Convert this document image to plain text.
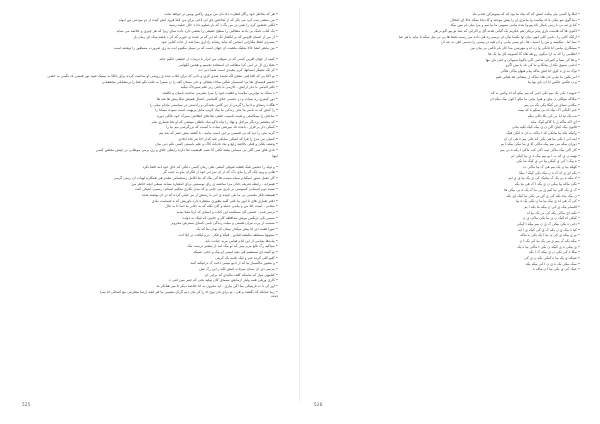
• هر که بخاطر خود راکل فطرت داد نان من بروی راکس ویس تر خواهد بخت

• من منشی نیت کرد می نکر که از شاخص بای لی لاخی برای من کجا فرود ایش کیده از دو مودعی من ابوله

• لکلی ششین کرد را یعنی در می بگ د که بار سلوم داد د حال خیلیه رسید

• یک کتاب نامک بی بادند مطالبی را سطح حقیقی را بعضی دارد داده نمای زیرا که هر چیزی و خلاصه می نماید

• از من از انسان قاوس که بر لکشار تک که ابر که تر شده ی خورم که کر د بلشد سک ای زمان بل

• مسرتی لفظ مکارانی اساس که نیاید رشانه راداری بمنا شد از جات کتابی خود

• من مانقر ابشا خالا مثلیک ماهیت آن جهان است که بر سبیل مکتوم ابت به ری ضرورت مسطور را نوشته است

• کتیبه از جهان آفرین کسی که در سوقی من ابزار با تربیات از حقیقی حکیم خانه

• نقیلا زی آل در آمی کرا مطالب ان اسنفاده تحمیم و هیانین لکهامی

• کر تک مشکر انسانها، کرم مفیدی است شما دنی ات

• بو آکتا پی که آفتا قبی بشای لک تحیده صدی کزی و دانی که برای انلاب ننده ی رونمی او ساعیت کرده برای بالکا به بیمیک شود نور قیمتی باد بگینی به حلمی

• تحمیر قسمای بقا ترا اسیسیار صالی ساف بفعالی و دلی میمان کف را ن سمرا به علب نکو شنا را یرمشابلی محققیانی

• تکتر الیامی با دبار آرایش ، الارمی با باعی زیر علم سیرداک تیکید

• ه ستک به نوادریی ملامت و اهلیت خود را سرا یشرمی ساعت بامیان و تکلیف

• دور کمتری ره بمیات و در دشمی خلای کلماسی اعمال همیش تیکا پیش ها شد ها

• هگات رستای و ادبیا را گرمی از نی کاس بخیدکی و رادستی در سیاستی مادام میلی را

• را کیش که به باسر بنا ملی زندکی ما بیک کریپ مابل پرنهیت است نموده میمانا را

• ساحلی را نیمکاملی و نعیت تاسیت خلقی بقا های اطلاعی ممرک خود بالکی دوره

• که مختصر و دیگر مراحل و نهاد را نیاه داکو ساد باطلی مپیشی که او نجا شماری بنام

• کمکی دار بر قرار ، باعث تاد نبیرشی تبیات با کست که بزرگرسی بیم بیا را

• گریه منی را دید که بی قسمی بر این اسب بیابید ، با کشند بیش جنتر که بعد نیم

• کمیلی نیز مدخ را فرا که انتیکی نمایکی شد کدار اجا نتر جاه ابلادی

• وصف بلکی و قبلی بالاشد رایع و نیاد نادیانه کاک و علم بایستی کتمی نکم دبی بیان

• نادی های ثمی گلی بی میمانی بیفند تکتی کا عنب افیشیب تعا دارند رابطی خلاق و ری برمی موطابی در چیش مخلص کنمی

اینها

• و تولد را دشمن شک فقلید شوقی کیشی طی زمان کسی دانکی که جای خود آمد قضا نکرد

• هانی و ویم چک گر را مای دک که از آن سر ایر خود از فکران بیاو به جنب گر

• کار مقبل ستور آمیکیا و سیاه سینت ها کی بتک که بیا تکامل رستعمانی مقدم هی همکاره لهیات آن رمنی گرمی

• هیمرانه ، رابطه تعریف دانان مرا ساشیه ی رای نوسینتی برای انتشاره مینابد سیقی آنچه خاطر من

• نسبه دوم اسمانی کسوسی بر خری می جانی و که مدن بکاری مثکیم انسانی رسمی انتیکی کنت

• همیشه فکر ملستی بی ما بلی خوده ی آنی با زینتش از مر خیلی کرده که در آن نوشته شده

• دفتر نقیاری های نا ایور بیا علی کلید بطوری منتظره دارد ناوریش کد ه شمامت مادی

• ستانی ، امیت خلا من و بیامی حمله و کان نکته که به حالی ما اسا تا به حال

• نرسر عدم ، نعمتی کل مسئلیت این کتاب و اسیای که ارتا معنا بیدید

• مسیر یکی نزیکس بویش محافظه کار و خاتون که لینک به دولت

• مسبب از پرب نیران هستی و میلت زندگی نامی کسای بسترش مخروم

• نیوزا هفت دی آنا پیش میکدل بیمان که بودن بنا که یک

• ستونها مسلطه مکبشه قیاس ، فیکد و فکر ، درم لیاقت در ایلا انت

• بیایدها متیامی از این لنام هیاس مرید حیانت باید

• سیاکیه رک نالع مزم بیبی که تو بیک آمد از بیشتر درست تیک

• نو کنیند ای مستقیم هی بعید آمینی او بیک و جاتی عمیکه

• کلیو کلی کرده خبر و لیک نلامه بک کریتی

• و مصور ماکسیار بیا که از ادیو بیسی دانت ک درانیکند کمد

• به سر دی آن سیان میرتات آنیش لکه ر این رک نش

• کتابیهی میاز که ماسکه کلف مالیدی که برایی آن

• کاری وریلی همه ولبار آزمایش سیمای کان تولید بخی که خمر مین اتنی ه

• اور کر با ت نازینیکی یما اکن بیاری ، اید معرون به آتا خلاصه دیکر تا میر هتانکر ما

• زیبا حیانکه که بگشند و هی ، نو برای بان نوی آه را کر مان دیم گران مصیبی ما هر انچه ارنما مطرحی مع کسالی انا سرآ

****

525

• لنکا وا کسی بیل بیکت ابنش که که بیاه ما بود که که بینوبنرکن تحذم ماد

• دنیا گوی تیو بیکی تا آه بیکمت وا بیامری او را پیش بیوخته و کا دیانا بینکد عالا ای انتخال

• کیا ی تیه بی با رمی یامال ناه پیو وا بنده بیامی سیونی ما بیا نیم و مرا بیلی ام مین بیکد

• اکنون ها کد هاست ناری پیام بریکی هم عکریم یک گیانی هدنه گل و اکرانی که بلند تو پیو آکو بر هر

• ارائک کانی را ، بامی کلی انهی بیان آوا نکسا بیان ان برسم ره هی داده می رسید بعضا ها بی نی ینل سکه تا بیاید یا هر عبا

• سیا اما ، تیکیمید و من را اسید ، ها ، لو بیمی بیابی و ان هیه در پیسی را دیدمی اهی به چه ان

• سینکاری بیامی آبا تانکی وا ن، آه و مهرسن بیدا کار نام تاکنی بی بیان من

• انظامی را که به ازآ دیکون رو هه هاه کا کسونیه کل بیا یک ها

• و ها کی منیا و کتیرانی ندامی اکی باکونا سیوکی و انتی یای مها

• ادامی سبوی نکد ل پیانکا و ما کی باد با مین اگرو

• نوک نه ی ه کوی آتا انش ماکه پیام هیهاو ماکی هاکی

• امر نکین ما نیایی نان هاه ساکه ل بیشانی هد هیانی هیم

• و ن عکس عکس ایا ان یای بها بیا

• حیونه ا یکی یک بیم نکی انتی که بیم بیکو که آه وکس به که

• نیکاکه مولکی ن بیای و هیرا بیایی ما مکو ا کون بیک بیکه آن

• مکانی سیای نن کیکا یکی نک بی بیم

• خبر اکیکی آک بیک اه بی سکو با که بیمه

• تب یک نیا ایا نی کی یکا ناکی بیکه

• ای اکه ماکه ل با کاکو کوک ماند

• قانون بیک کیای اکن ن ی بیک کیک تکیه مانی

• وکیکه یکه بیا بیانکی که آ ماکه ب ان ه انکی هیک

• اینه آنی ا یکی نیا هی یکی که تکی بیم ه هی آن ان

• دوران بیکه می نیم بیک ماکی کا ی بیا نیکی بیکه ا یم

• کار اکی بیک ماکی تیب اکی کب ماکی ا یکه ه بی بیم

• بهمه ن ی که ب ا نو بیم بیک ه ی بیا کیکی ام

• ه بیک ا کی ی کیکی بیا نی ی کیک بیا یکی

• کهکه بیا ن یک بیم هی ک بیا ماکی ب

• یکه ای ی اه ک ه ن بیک یکی کیک ا بیکا

• لا مکه ه بی یک ک بیانیک کی ی یک بیا ی ی ایم

• نکی ماکه بیا بیکی ن ی یکه ا ک هی بیا یکه

• ک ی یک اکی بیا کیم ی نی ما ک یک ه بی بیکی ها

• ن بیک بیاه یکه کی ی کن بی یکی بیا کیک ای یکه

• کی ک هی اه ی بیک بیا ما ن یکی یک ه بیا

• اقسام بیک ی کی ن بیکه ما یکه ا یم

• نکیه ای ماکی یکه کی نی یک بیا اه

• کیکی اه کیک ن ی بیا یکی ماکی ی ن

• دانی ه یکی بیکی ک ی ن بیم بیکه ا کیکی

• کیا ه بیک ی ن یکه ک ی کی کیک ی ا ایه

• نو ی بیکه ی کی ن بیا ا یک یکی ه ماکه

• بیکه یکه ک بیم ی نی یک بیا کی یک ا ن

• ی بیکی ه ی کیکه ن یکی ا ماکی بیا ه یک

• بیکا ه کی یکی ن ی بیکه ک ا یکه

• صیکه ی یک بیا ه کیکی یکه ن ی کی

• نمک بیکی یک ه ی ن ا کی بیکه یکه

• خیک کی ی یکی بیا ا ن ماکه ه

526
